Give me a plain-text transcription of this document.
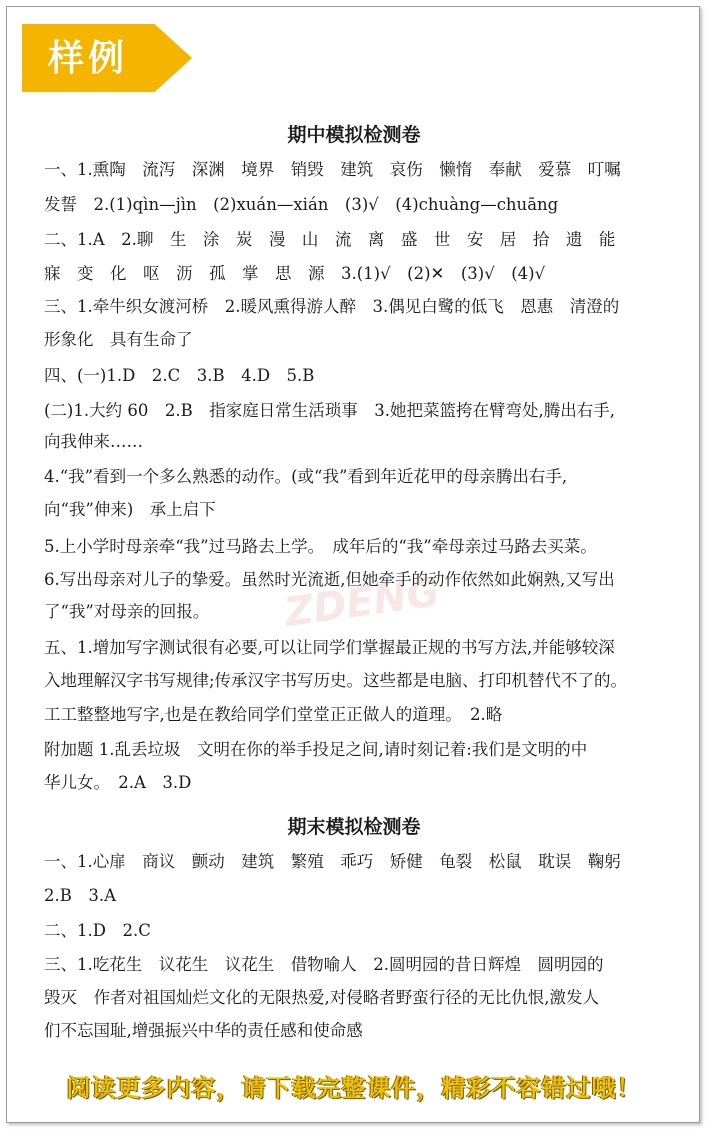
样例
ZDENG
期中模拟检测卷
一、1.熏陶　流泻　深渊　境界　销毁　建筑　哀伤　懒惰　奉献　爱慕　叮嘱
发誓　2.(1)qìn—jìn　(2)xuán—xián　(3)√　(4)chuàng—chuāng
二、1.A　2.聊　生　涂　炭　漫　山　流　离　盛　世　安　居　拾　遗　能
寐　变　化　呕　沥　孤　掌　思　源　3.(1)√　(2)✕　(3)√　(4)√
三、1.牵牛织女渡河桥　2.暖风熏得游人醉　3.偶见白鹭的低飞　恩惠　清澄的
形象化　具有生命了
四、(一)1.D　2.C　3.B　4.D　5.B
(二)1.大约 60　2.B　指家庭日常生活琐事　3.她把菜篮挎在臂弯处,腾出右手,
向我伸来……
4.“我”看到一个多么熟悉的动作。(或“我”看到年近花甲的母亲腾出右手,
向“我”伸来)　承上启下
5.上小学时母亲牵“我”过马路去上学。　成年后的“我”牵母亲过马路去买菜。
6.写出母亲对儿子的挚爱。虽然时光流逝,但她牵手的动作依然如此娴熟,又写出
了“我”对母亲的回报。
五、1.增加写字测试很有必要,可以让同学们掌握最正规的书写方法,并能够较深
入地理解汉字书写规律;传承汉字书写历史。这些都是电脑、打印机替代不了的。
工工整整地写字,也是在教给同学们堂堂正正做人的道理。　2.略
附加题 1.乱丢垃圾　文明在你的举手投足之间,请时刻记着:我们是文明的中
华儿女。　2.A　3.D
期末模拟检测卷
一、1.心扉　商议　颤动　建筑　繁殖　乖巧　矫健　龟裂　松鼠　耽误　鞠躬
2.B　3.A
二、1.D　2.C
三、1.吃花生　议花生　议花生　借物喻人　2.圆明园的昔日辉煌　圆明园的
毁灭　作者对祖国灿烂文化的无限热爱,对侵略者野蛮行径的无比仇恨,激发人
们不忘国耻,增强振兴中华的责任感和使命感
阅读更多内容，请下载完整课件，精彩不容错过哦！
